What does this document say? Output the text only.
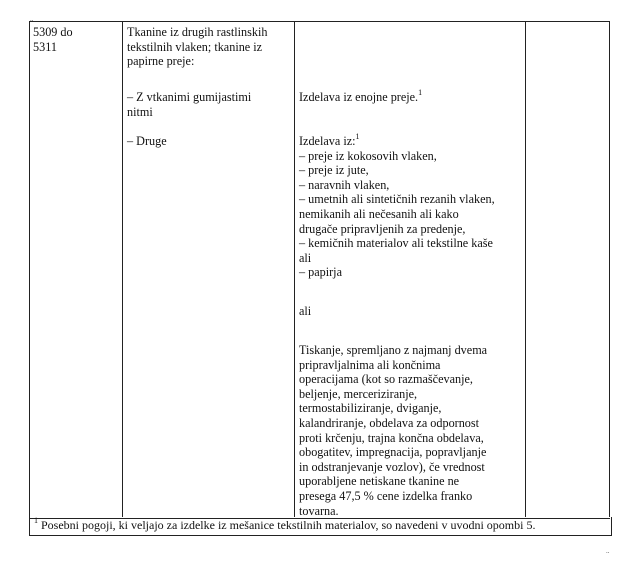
..
5309 do
5311
Tkanine iz drugih rastlinskih
tekstilnih vlaken; tkanine iz
papirne preje:
– Z vtkanimi gumijastimi
nitmi
Izdelava iz enojne preje.$^1$
– Druge	Izdelava iz:$^1$
– preje iz kokosovih vlaken,
– preje iz jute,
– naravnih vlaken,
– umetnih ali sintetičnih rezanih vlaken,
nemikanih ali nečesanih ali kako
drugače pripravljenih za predenje,
– kemičnih materialov ali tekstilne kaše
ali
– papirja
ali
Tiskanje, spremljano z najmanj dvema
pripravljalnima ali končnima
operacijama (kot so razmaščevanje,
beljenje, merceriziranje,
termostabiliziranje, dviganje,
kalandriranje, obdelava za odpornost
proti krčenju, trajna končna obdelava,
obogatitev, impregnacija, popravljanje
in odstranjevanje vozlov), če vrednost
uporabljene netiskane tkanine ne
presega 47,5 % cene izdelka franko
tovarna.
$^1$ Posebni pogoji, ki veljajo za izdelke iz mešanice tekstilnih materialov, so navedeni v uvodni opombi 5.
..
